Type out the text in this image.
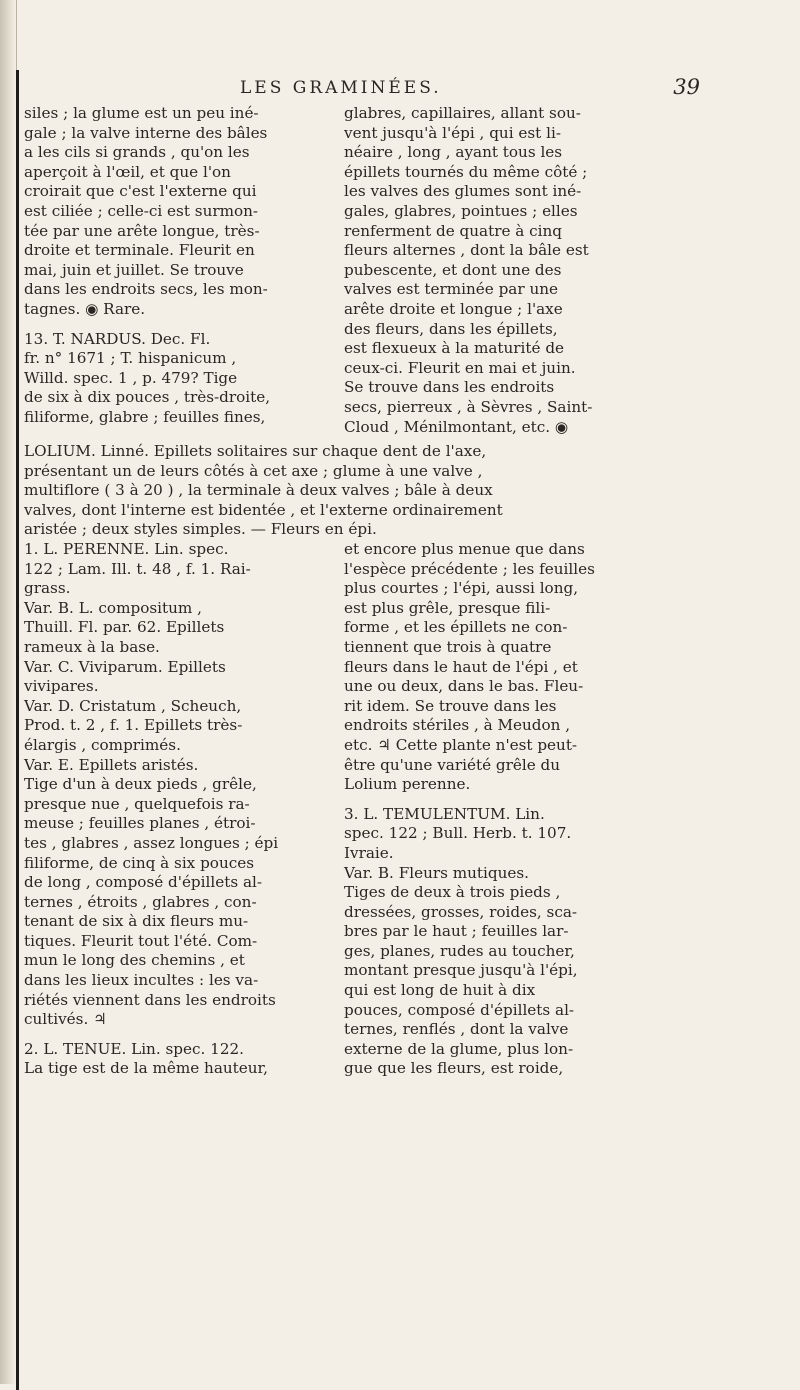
LES GRAMINÉES.	39

siles ; la glume est un peu iné-

gale ; la valve interne des bâles

a les cils si grands , qu'on les

aperçoit à l'œil, et que l'on

croirait que c'est l'externe qui

est ciliée ; celle-ci est surmon-

tée par une arête longue, très-

droite et terminale. Fleurit en

mai, juin et juillet. Se trouve

dans les endroits secs, les mon-

tagnes. ◉ Rare.

13. T. NARDUS. Dec. Fl.

fr. n° 1671 ; T. hispanicum ,

Willd. spec. 1 , p. 479? Tige

de six à dix pouces , très-droite,

filiforme, glabre ; feuilles fines,

glabres, capillaires, allant sou-

vent jusqu'à l'épi , qui est li-

néaire , long , ayant tous les

épillets tournés du même côté ;

les valves des glumes sont iné-

gales, glabres, pointues ; elles

renferment de quatre à cinq

fleurs alternes , dont la bâle est

pubescente, et dont une des

valves est terminée par une

arête droite et longue ; l'axe

des fleurs, dans les épillets,

est flexueux à la maturité de

ceux-ci. Fleurit en mai et juin.

Se trouve dans les endroits

secs, pierreux , à Sèvres , Saint-

Cloud , Ménilmontant, etc. ◉

LOLIUM. Linné. Epillets solitaires sur chaque dent de l'axe,

présentant un de leurs côtés à cet axe ; glume à une valve ,

multiflore ( 3 à 20 ) , la terminale à deux valves ; bâle à deux

valves, dont l'interne est bidentée , et l'externe ordinairement

aristée ; deux styles simples. — Fleurs en épi.

1. L. PERENNE. Lin. spec.

122 ; Lam. Ill. t. 48 , f. 1. Rai-

grass.

Var. B. L. compositum ,

Thuill. Fl. par. 62. Epillets

rameux à la base.

Var. C. Viviparum. Epillets

vivipares.

Var. D. Cristatum , Scheuch,

Prod. t. 2 , f. 1. Epillets très-

élargis , comprimés.

Var. E. Epillets aristés.

Tige d'un à deux pieds , grêle,

presque nue , quelquefois ra-

meuse ; feuilles planes , étroi-

tes , glabres , assez longues ; épi

filiforme, de cinq à six pouces

de long , composé d'épillets al-

ternes , étroits , glabres , con-

tenant de six à dix fleurs mu-

tiques. Fleurit tout l'été. Com-

mun le long des chemins , et

dans les lieux incultes : les va-

riétés viennent dans les endroits

cultivés. ♃

2. L. TENUE. Lin. spec. 122.

La tige est de la même hauteur,

et encore plus menue que dans

l'espèce précédente ; les feuilles

plus courtes ; l'épi, aussi long,

est plus grêle, presque fili-

forme , et les épillets ne con-

tiennent que trois à quatre

fleurs dans le haut de l'épi , et

une ou deux, dans le bas. Fleu-

rit idem. Se trouve dans les

endroits stériles , à Meudon ,

etc. ♃ Cette plante n'est peut-

être qu'une variété grêle du

Lolium perenne.

3. L. TEMULENTUM. Lin.

spec. 122 ; Bull. Herb. t. 107.

Ivraie.

Var. B. Fleurs mutiques.

Tiges de deux à trois pieds ,

dressées, grosses, roides, sca-

bres par le haut ; feuilles lar-

ges, planes, rudes au toucher,

montant presque jusqu'à l'épi,

qui est long de huit à dix

pouces, composé d'épillets al-

ternes, renflés , dont la valve

externe de la glume, plus lon-

gue que les fleurs, est roide,
